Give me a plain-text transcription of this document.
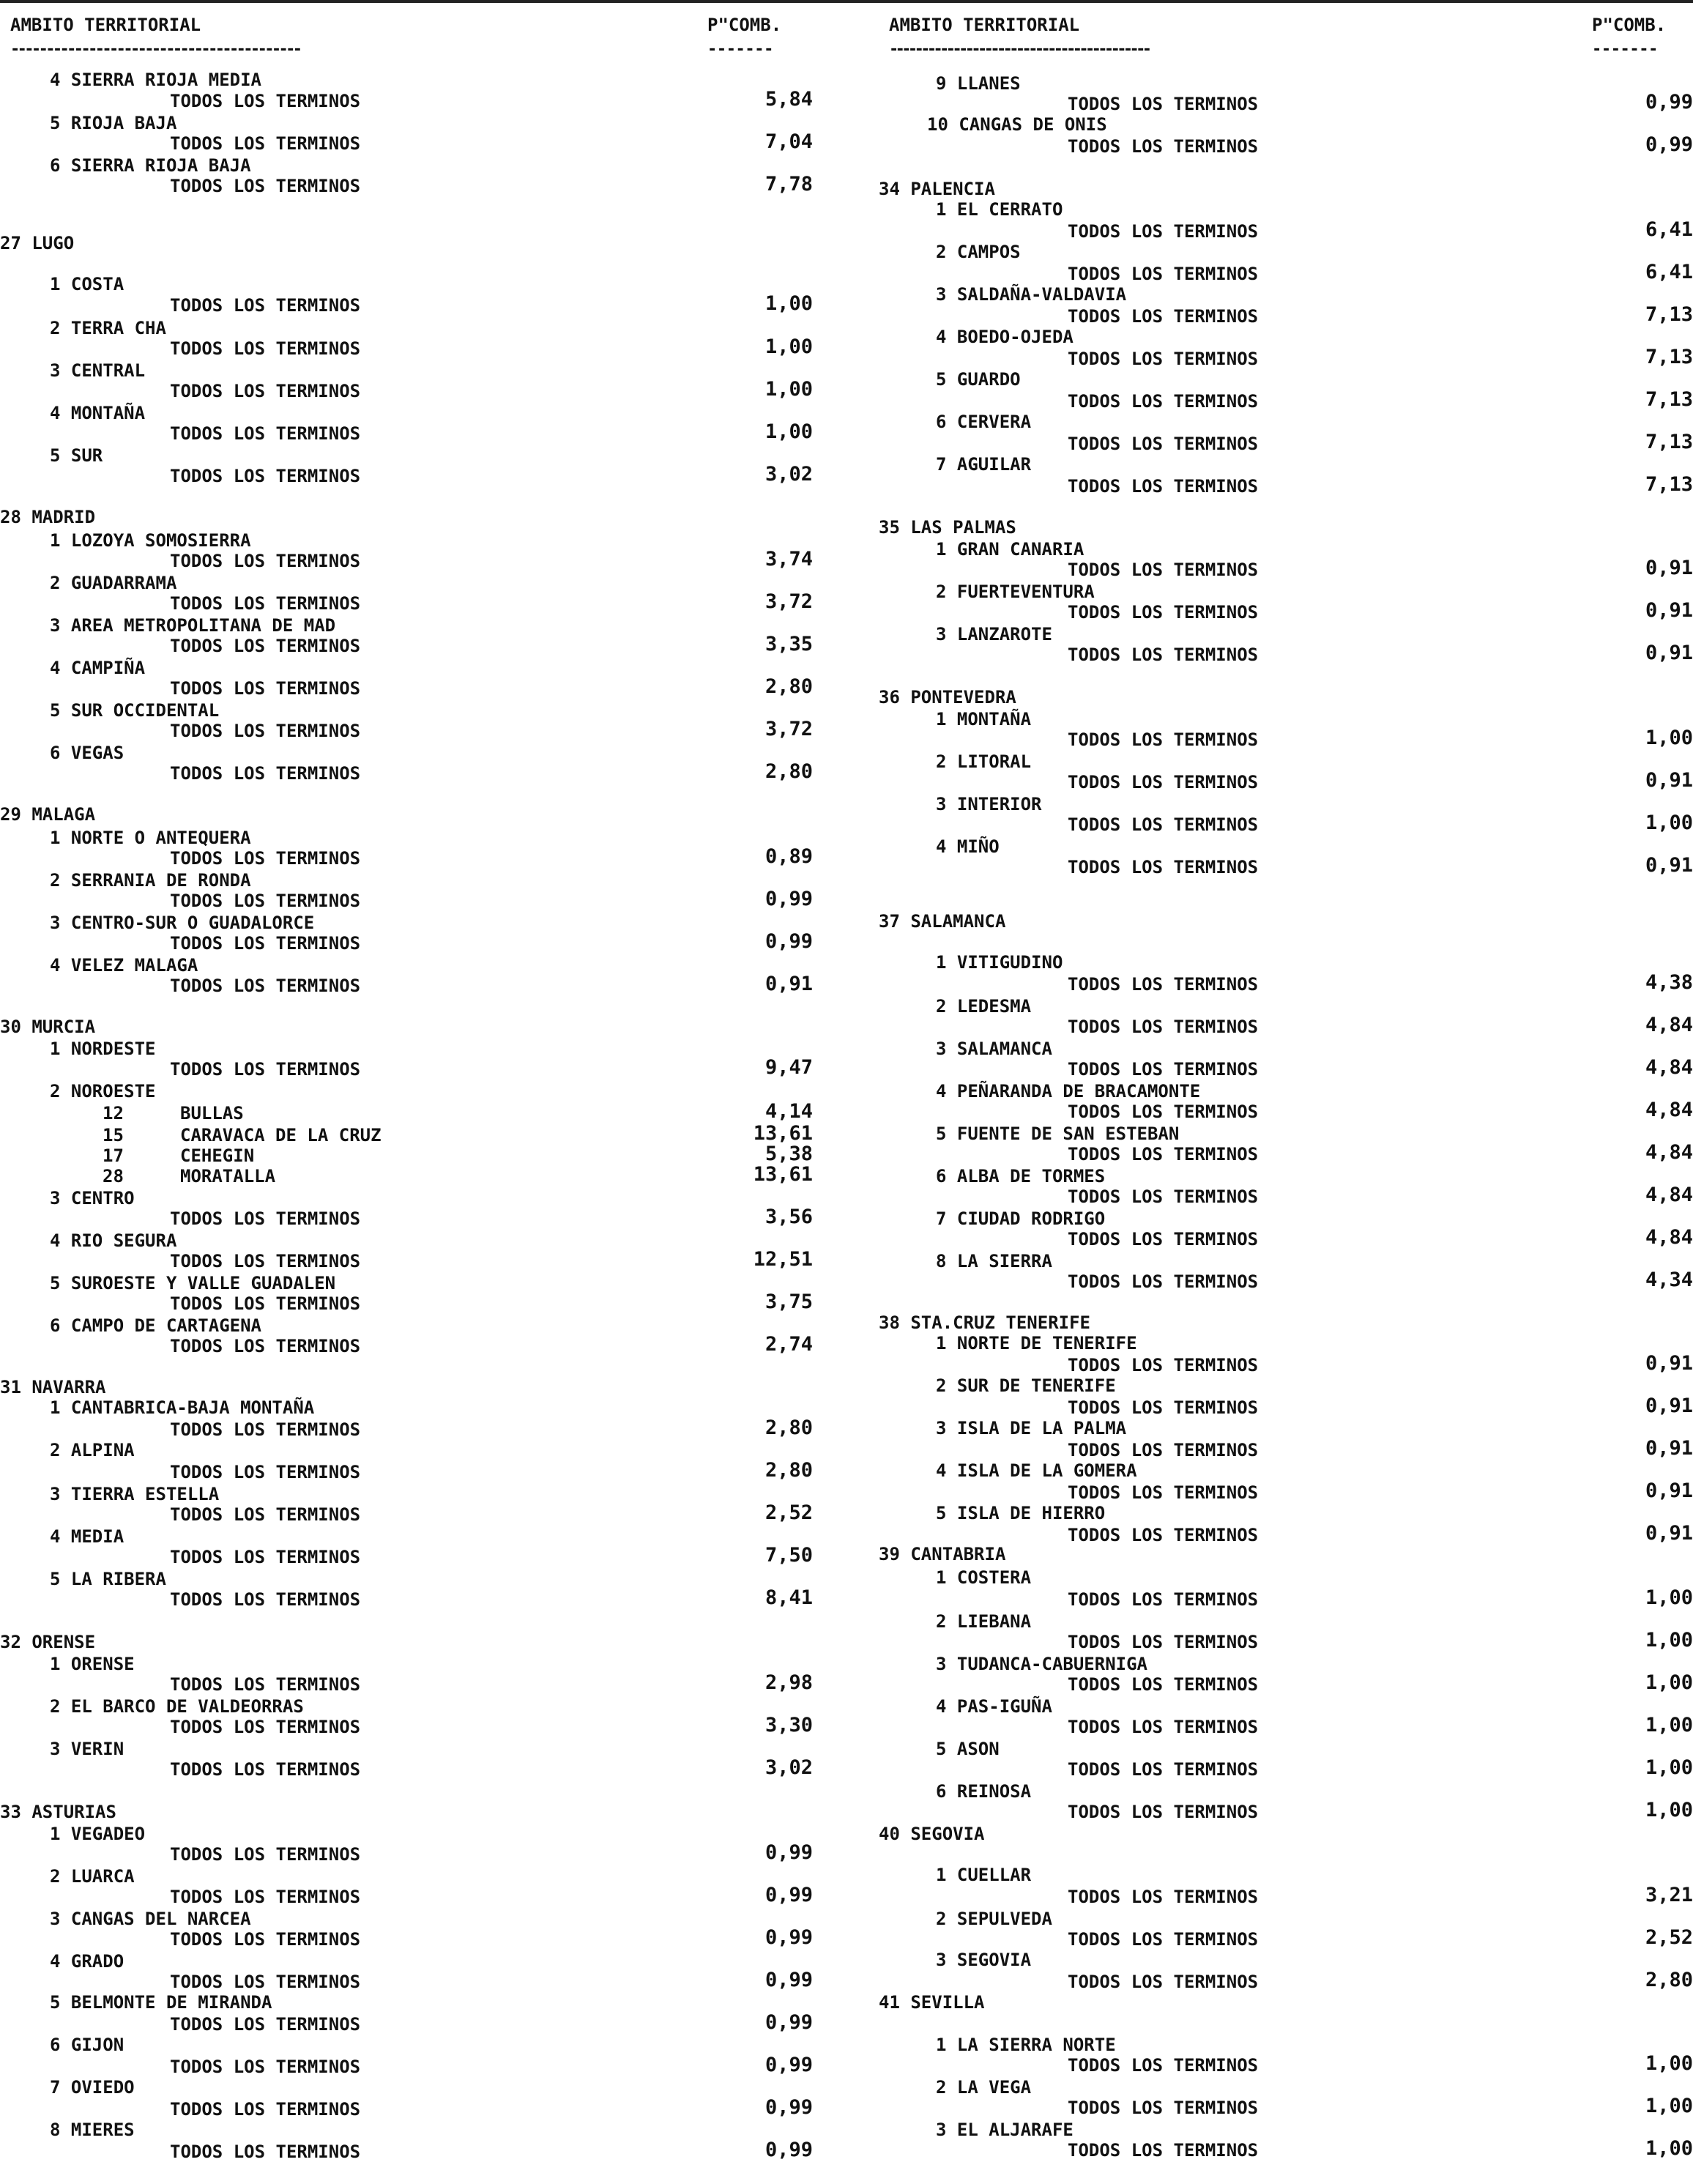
AMBITO TERRITORIAL	P"COMB.
-----------------------------------------	-------
4 SIERRA RIOJA MEDIA
TODOS LOS TERMINOS	5,84
5 RIOJA BAJA
TODOS LOS TERMINOS	7,04
6 SIERRA RIOJA BAJA
TODOS LOS TERMINOS	7,78
27 LUGO
1 COSTA
TODOS LOS TERMINOS	1,00
2 TERRA CHA
TODOS LOS TERMINOS	1,00
3 CENTRAL
TODOS LOS TERMINOS	1,00
4 MONTAÑA
TODOS LOS TERMINOS	1,00
5 SUR
TODOS LOS TERMINOS	3,02
28 MADRID
1 LOZOYA SOMOSIERRA
TODOS LOS TERMINOS	3,74
2 GUADARRAMA
TODOS LOS TERMINOS	3,72
3 AREA METROPOLITANA DE MAD
TODOS LOS TERMINOS	3,35
4 CAMPIÑA
TODOS LOS TERMINOS	2,80
5 SUR OCCIDENTAL
TODOS LOS TERMINOS	3,72
6 VEGAS
TODOS LOS TERMINOS	2,80
29 MALAGA
1 NORTE O ANTEQUERA
TODOS LOS TERMINOS	0,89
2 SERRANIA DE RONDA
TODOS LOS TERMINOS	0,99
3 CENTRO-SUR O GUADALORCE
TODOS LOS TERMINOS	0,99
4 VELEZ MALAGA
TODOS LOS TERMINOS	0,91
30 MURCIA
1 NORDESTE
TODOS LOS TERMINOS	9,47
2 NOROESTE
12	BULLAS	4,14
15	CARAVACA DE LA CRUZ	13,61
17	CEHEGIN	5,38
28	MORATALLA	13,61
3 CENTRO
TODOS LOS TERMINOS	3,56
4 RIO SEGURA
TODOS LOS TERMINOS	12,51
5 SUROESTE Y VALLE GUADALEN
TODOS LOS TERMINOS	3,75
6 CAMPO DE CARTAGENA
TODOS LOS TERMINOS	2,74
31 NAVARRA
1 CANTABRICA-BAJA MONTAÑA
TODOS LOS TERMINOS	2,80
2 ALPINA
TODOS LOS TERMINOS	2,80
3 TIERRA ESTELLA
TODOS LOS TERMINOS	2,52
4 MEDIA
TODOS LOS TERMINOS	7,50
5 LA RIBERA
TODOS LOS TERMINOS	8,41
32 ORENSE
1 ORENSE
TODOS LOS TERMINOS	2,98
2 EL BARCO DE VALDEORRAS
TODOS LOS TERMINOS	3,30
3 VERIN
TODOS LOS TERMINOS	3,02
33 ASTURIAS
1 VEGADEO
TODOS LOS TERMINOS	0,99
2 LUARCA
TODOS LOS TERMINOS	0,99
3 CANGAS DEL NARCEA
TODOS LOS TERMINOS	0,99
4 GRADO
TODOS LOS TERMINOS	0,99
5 BELMONTE DE MIRANDA
TODOS LOS TERMINOS	0,99
6 GIJON
TODOS LOS TERMINOS	0,99
7 OVIEDO
TODOS LOS TERMINOS	0,99
8 MIERES
TODOS LOS TERMINOS	0,99
AMBITO TERRITORIAL	P"COMB.
-----------------------------------------	-------
9 LLANES
TODOS LOS TERMINOS	0,99
10 CANGAS DE ONIS
TODOS LOS TERMINOS	0,99
34 PALENCIA
1 EL CERRATO
TODOS LOS TERMINOS	6,41
2 CAMPOS
TODOS LOS TERMINOS	6,41
3 SALDAÑA-VALDAVIA
TODOS LOS TERMINOS	7,13
4 BOEDO-OJEDA
TODOS LOS TERMINOS	7,13
5 GUARDO
TODOS LOS TERMINOS	7,13
6 CERVERA
TODOS LOS TERMINOS	7,13
7 AGUILAR
TODOS LOS TERMINOS	7,13
35 LAS PALMAS
1 GRAN CANARIA
TODOS LOS TERMINOS	0,91
2 FUERTEVENTURA
TODOS LOS TERMINOS	0,91
3 LANZAROTE
TODOS LOS TERMINOS	0,91
36 PONTEVEDRA
1 MONTAÑA
TODOS LOS TERMINOS	1,00
2 LITORAL
TODOS LOS TERMINOS	0,91
3 INTERIOR
TODOS LOS TERMINOS	1,00
4 MIÑO
TODOS LOS TERMINOS	0,91
37 SALAMANCA
1 VITIGUDINO
TODOS LOS TERMINOS	4,38
2 LEDESMA
TODOS LOS TERMINOS	4,84
3 SALAMANCA
TODOS LOS TERMINOS	4,84
4 PEÑARANDA DE BRACAMONTE
TODOS LOS TERMINOS	4,84
5 FUENTE DE SAN ESTEBAN
TODOS LOS TERMINOS	4,84
6 ALBA DE TORMES
TODOS LOS TERMINOS	4,84
7 CIUDAD RODRIGO
TODOS LOS TERMINOS	4,84
8 LA SIERRA
TODOS LOS TERMINOS	4,34
38 STA.CRUZ TENERIFE
1 NORTE DE TENERIFE
TODOS LOS TERMINOS	0,91
2 SUR DE TENERIFE
TODOS LOS TERMINOS	0,91
3 ISLA DE LA PALMA
TODOS LOS TERMINOS	0,91
4 ISLA DE LA GOMERA
TODOS LOS TERMINOS	0,91
5 ISLA DE HIERRO
TODOS LOS TERMINOS	0,91
39 CANTABRIA
1 COSTERA
TODOS LOS TERMINOS	1,00
2 LIEBANA
TODOS LOS TERMINOS	1,00
3 TUDANCA-CABUERNIGA
TODOS LOS TERMINOS	1,00
4 PAS-IGUÑA
TODOS LOS TERMINOS	1,00
5 ASON
TODOS LOS TERMINOS	1,00
6 REINOSA
TODOS LOS TERMINOS	1,00
40 SEGOVIA
1 CUELLAR
TODOS LOS TERMINOS	3,21
2 SEPULVEDA
TODOS LOS TERMINOS	2,52
3 SEGOVIA
TODOS LOS TERMINOS	2,80
41 SEVILLA
1 LA SIERRA NORTE
TODOS LOS TERMINOS	1,00
2 LA VEGA
TODOS LOS TERMINOS	1,00
3 EL ALJARAFE
TODOS LOS TERMINOS	1,00
